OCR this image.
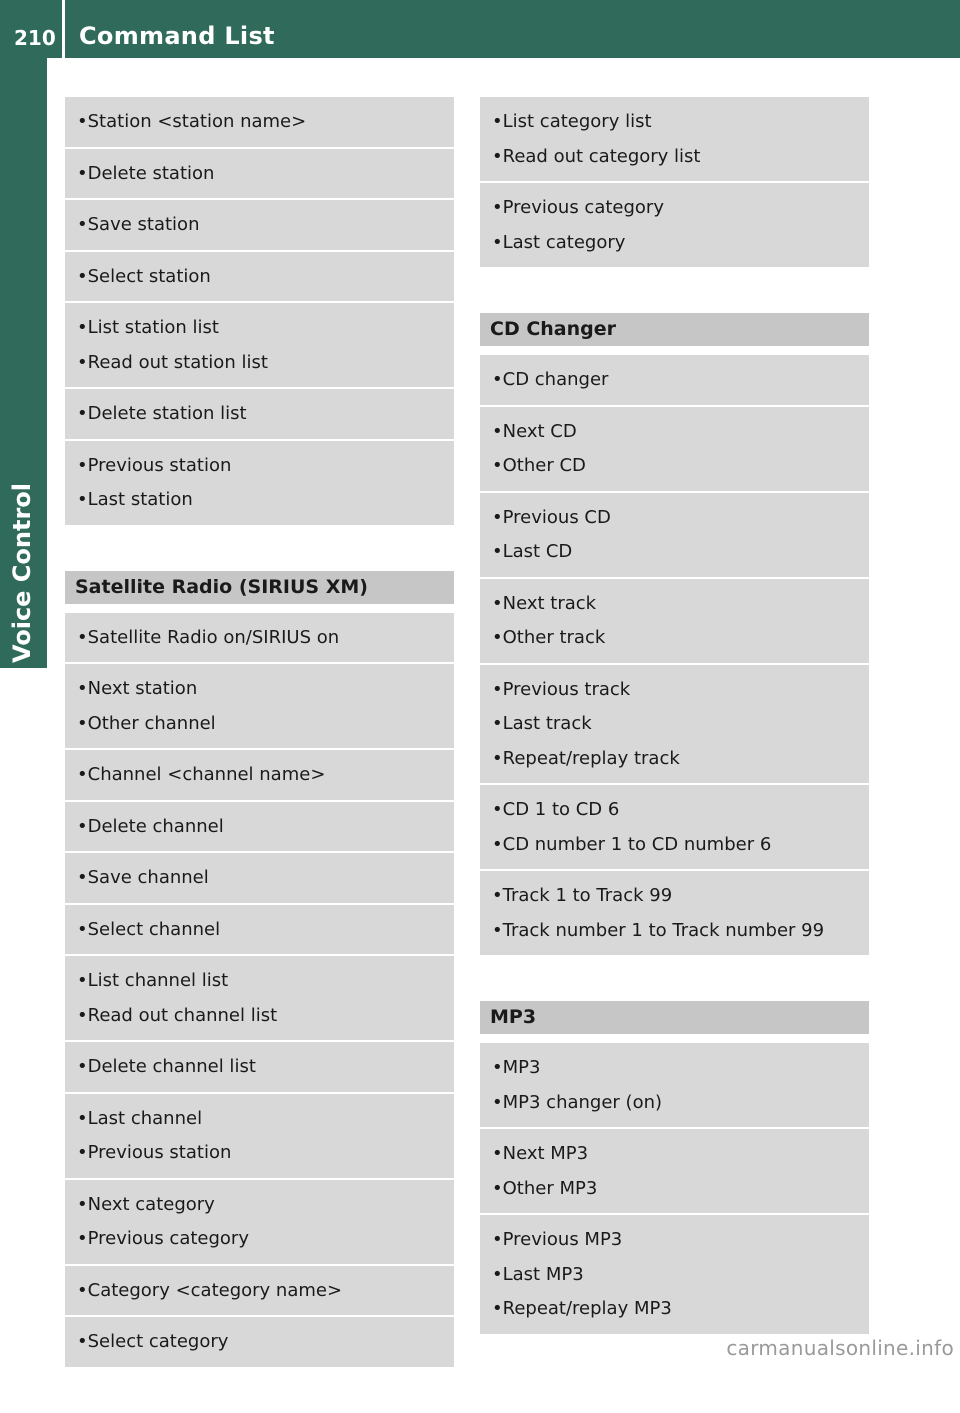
210 Command List
Voice Control
• Station <station name>
• Delete station
• Save station
• Select station
• List station list
• Read out station list
• Delete station list
• Previous station
• Last station
Satellite Radio (SIRIUS XM)
• Satellite Radio on/SIRIUS on
• Next station
• Other channel
• Channel <channel name>
• Delete channel
• Save channel
• Select channel
• List channel list
• Read out channel list
• Delete channel list
• Last channel
• Previous station
• Next category
• Previous category
• Category <category name>
• Select category
• List category list
• Read out category list
• Previous category
• Last category
CD Changer
• CD changer
• Next CD
• Other CD
• Previous CD
• Last CD
• Next track
• Other track
• Previous track
• Last track
• Repeat/replay track
• CD 1 to CD 6
• CD number 1 to CD number 6
• Track 1 to Track 99
• Track number 1 to Track number 99
MP3
• MP3
• MP3 changer (on)
• Next MP3
• Other MP3
• Previous MP3
• Last MP3
• Repeat/replay MP3
carmanualsonline.info
